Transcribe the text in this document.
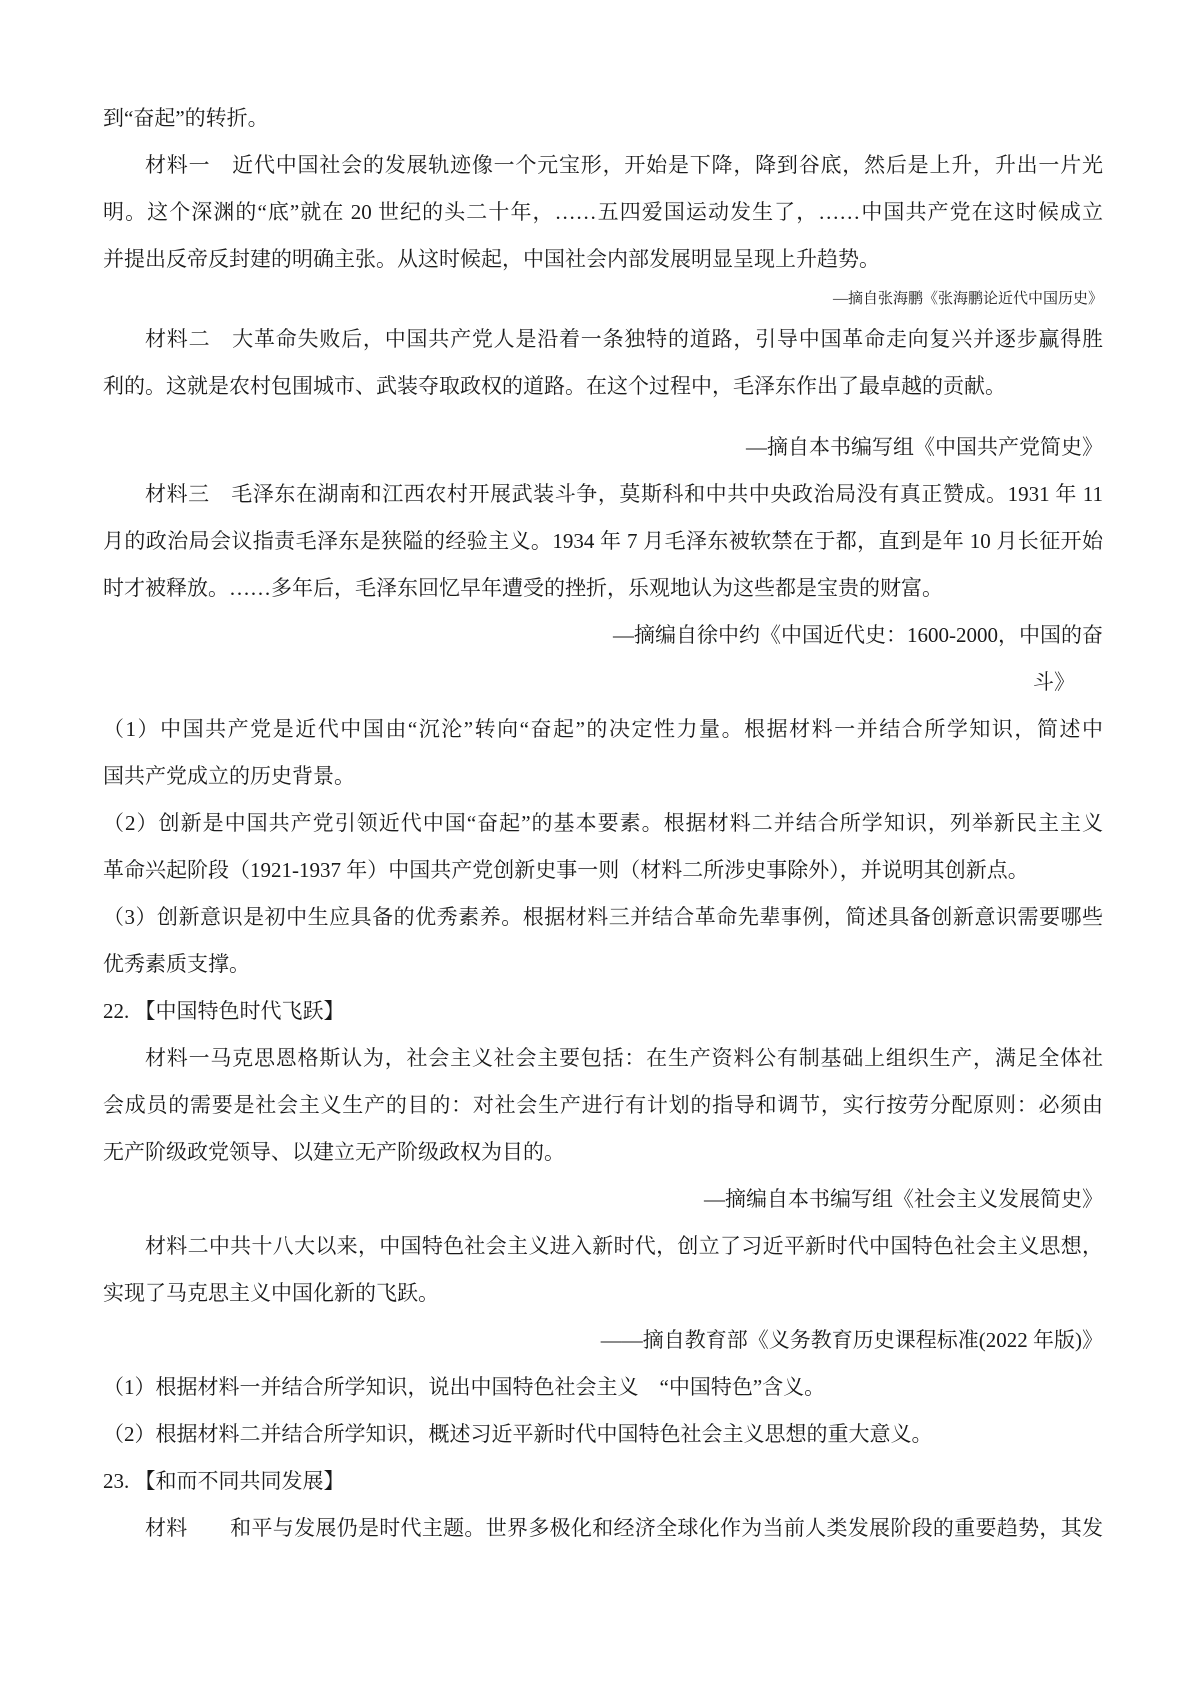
到“奋起”的转折。
材料一　近代中国社会的发展轨迹像一个元宝形，开始是下降，降到谷底，然后是上升，升出一片光
明。这个深渊的“底”就在 20 世纪的头二十年，……五四爱国运动发生了，……中国共产党在这时候成立
并提出反帝反封建的明确主张。从这时候起，中国社会内部发展明显呈现上升趋势。
—摘自张海鹏《张海鹏论近代中国历史》
材料二　大革命失败后，中国共产党人是沿着一条独特的道路，引导中国革命走向复兴并逐步赢得胜
利的。这就是农村包围城市、武装夺取政权的道路。在这个过程中，毛泽东作出了最卓越的贡献。
—摘自本书编写组《中国共产党简史》
材料三　毛泽东在湖南和江西农村开展武装斗争，莫斯科和中共中央政治局没有真正赞成。1931 年 11
月的政治局会议指责毛泽东是狭隘的经验主义。1934 年 7 月毛泽东被软禁在于都，直到是年 10 月长征开始
时才被释放。……多年后，毛泽东回忆早年遭受的挫折，乐观地认为这些都是宝贵的财富。
—摘编自徐中约《中国近代史：1600-2000，中国的奋
斗》
（1）中国共产党是近代中国由“沉沦”转向“奋起”的决定性力量。根据材料一并结合所学知识，简述中
国共产党成立的历史背景。
（2）创新是中国共产党引领近代中国“奋起”的基本要素。根据材料二并结合所学知识，列举新民主主义
革命兴起阶段（1921-1937 年）中国共产党创新史事一则（材料二所涉史事除外），并说明其创新点。
（3）创新意识是初中生应具备的优秀素养。根据材料三并结合革命先辈事例，简述具备创新意识需要哪些
优秀素质支撑。
22. 【中国特色时代飞跃】
材料一马克思恩格斯认为，社会主义社会主要包括：在生产资料公有制基础上组织生产，满足全体社
会成员的需要是社会主义生产的目的：对社会生产进行有计划的指导和调节，实行按劳分配原则：必须由
无产阶级政党领导、以建立无产阶级政权为目的。
—摘编自本书编写组《社会主义发展简史》
材料二中共十八大以来，中国特色社会主义进入新时代，创立了习近平新时代中国特色社会主义思想，
实现了马克思主义中国化新的飞跃。
——摘自教育部《义务教育历史课程标准(2022 年版)》
（1）根据材料一并结合所学知识，说出中国特色社会主义　“中国特色”含义。
（2）根据材料二并结合所学知识，概述习近平新时代中国特色社会主义思想的重大意义。
23. 【和而不同共同发展】
材料　　和平与发展仍是时代主题。世界多极化和经济全球化作为当前人类发展阶段的重要趋势，其发
